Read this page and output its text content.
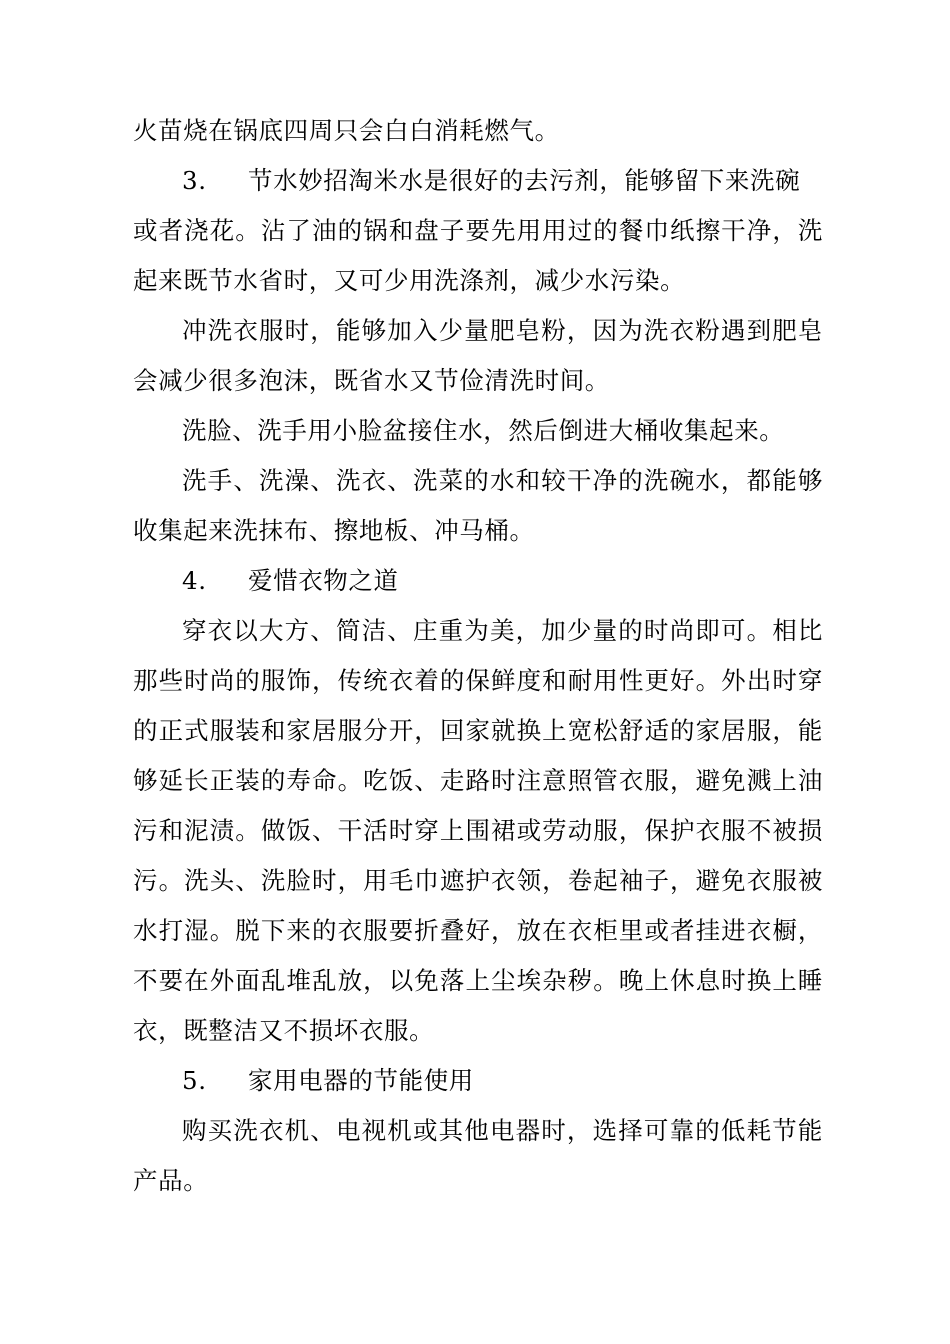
火苗烧在锅底四周只会白白消耗燃气。

3. 节水妙招淘米水是很好的去污剂，能够留下来洗碗

或者浇花。沾了油的锅和盘子要先用用过的餐巾纸擦干净，洗起来既节水省时，又可少用洗涤剂，减少水污染。

冲洗衣服时，能够加入少量肥皂粉，因为洗衣粉遇到肥皂会减少很多泡沫，既省水又节俭清洗时间。

洗脸、洗手用小脸盆接住水，然后倒进大桶收集起来。

洗手、洗澡、洗衣、洗菜的水和较干净的洗碗水，都能够收集起来洗抹布、擦地板、冲马桶。

4. 爱惜衣物之道

穿衣以大方、简洁、庄重为美，加少量的时尚即可。相比那些时尚的服饰，传统衣着的保鲜度和耐用性更好。外出时穿的正式服装和家居服分开，回家就换上宽松舒适的家居服，能够延长正装的寿命。吃饭、走路时注意照管衣服，避免溅上油污和泥渍。做饭、干活时穿上围裙或劳动服，保护衣服不被损污。洗头、洗脸时，用毛巾遮护衣领，卷起袖子，避免衣服被水打湿。脱下来的衣服要折叠好，放在衣柜里或者挂进衣橱，不要在外面乱堆乱放，以免落上尘埃杂秽。晚上休息时换上睡衣，既整洁又不损坏衣服。

5. 家用电器的节能使用

购买洗衣机、电视机或其他电器时，选择可靠的低耗节能产品。
